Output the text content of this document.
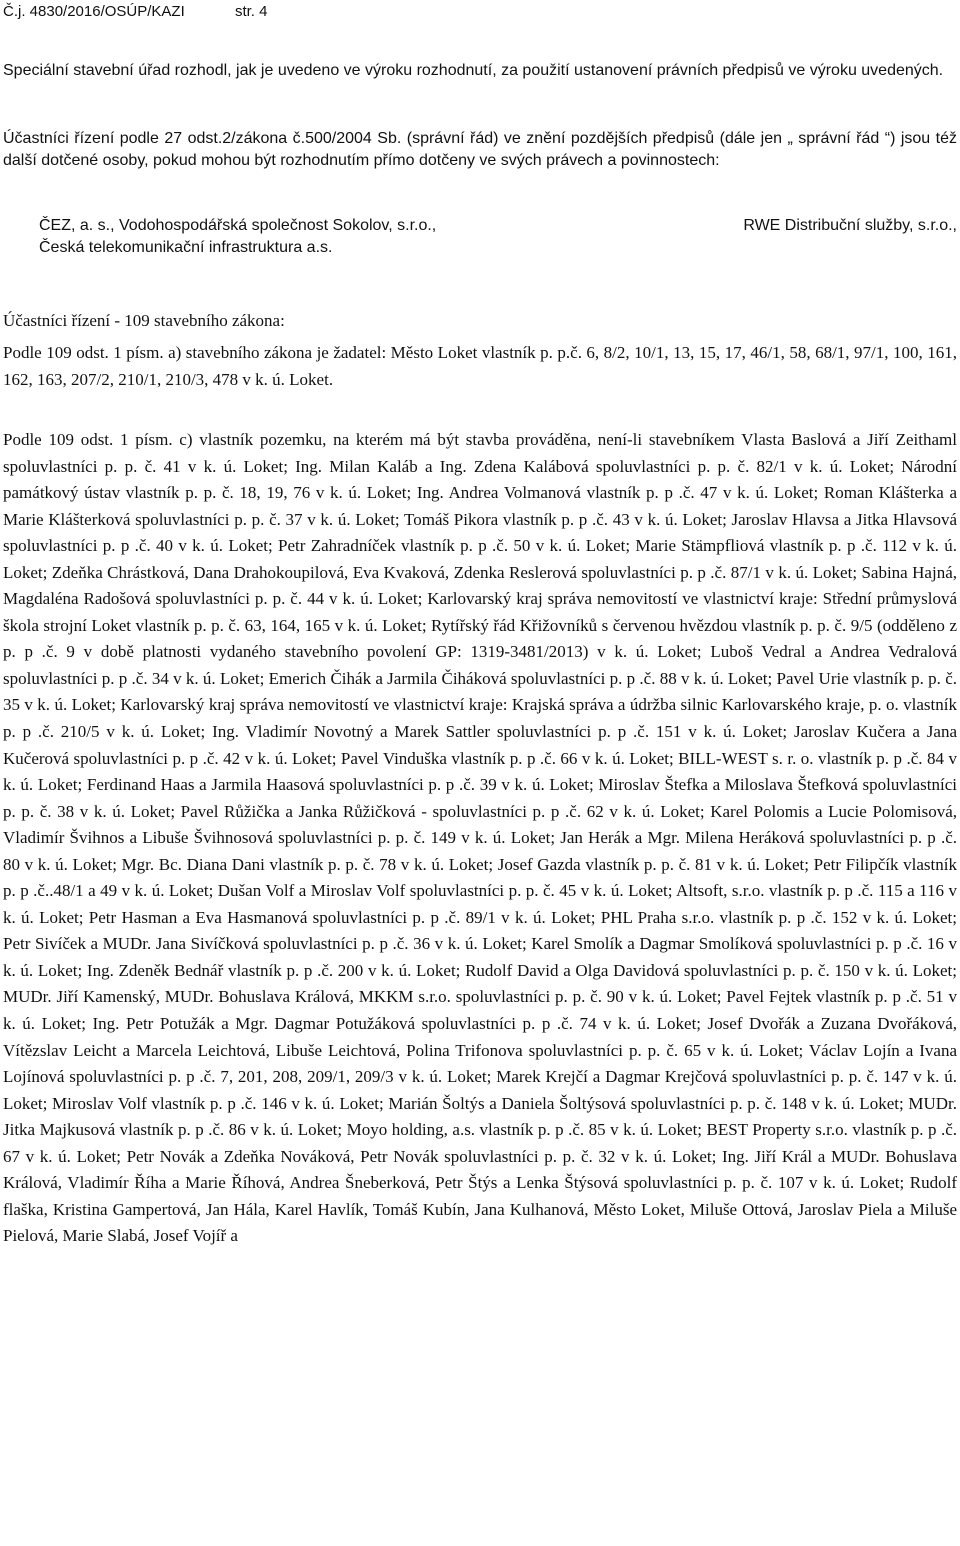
Č.j. 4830/2016/OSÚP/KAZI	str. 4

Speciální stavební úřad rozhodl, jak je uvedeno ve výroku rozhodnutí, za použití ustanovení právních předpisů ve výroku uvedených.

Účastníci řízení podle 27 odst.2/zákona č.500/2004 Sb. (správní řád) ve znění pozdějších předpisů (dále jen „ správní řád “) jsou též další dotčené osoby, pokud mohou být rozhodnutím přímo dotčeny ve svých právech a povinnostech:

ČEZ, a. s., Vodohospodářská společnost Sokolov, s.r.o.,	RWE Distribuční služby, s.r.o.,
Česká telekomunikační infrastruktura a.s.

Účastníci řízení - 109 stavebního zákona:

Podle 109 odst. 1 písm. a) stavebního zákona je žadatel: Město Loket vlastník p. p.č. 6, 8/2, 10/1, 13, 15, 17, 46/1, 58, 68/1, 97/1, 100, 161, 162, 163, 207/2, 210/1, 210/3, 478 v k. ú. Loket.

Podle 109 odst. 1 písm. c) vlastník pozemku, na kterém má být stavba prováděna, není-li stavebníkem Vlasta Baslová a Jiří Zeithaml spoluvlastníci p. p. č. 41 v k. ú. Loket; Ing. Milan Kaláb a Ing. Zdena Kalábová spoluvlastníci p. p. č. 82/1 v k. ú. Loket; Národní památkový ústav vlastník p. p. č. 18, 19, 76 v k. ú. Loket; Ing. Andrea Volmanová vlastník p. p .č. 47 v k. ú. Loket; Roman Klášterka a Marie Klášterková spoluvlastníci p. p. č. 37 v k. ú. Loket; Tomáš Pikora vlastník p. p .č. 43 v k. ú. Loket; Jaroslav Hlavsa a Jitka Hlavsová spoluvlastníci p. p .č. 40 v k. ú. Loket; Petr Zahradníček vlastník p. p .č. 50 v k. ú. Loket; Marie Stämpfliová vlastník p. p .č. 112 v k. ú. Loket; Zdeňka Chrástková, Dana Drahokoupilová, Eva Kvaková, Zdenka Reslerová spoluvlastníci p. p .č. 87/1 v k. ú. Loket; Sabina Hajná, Magdaléna Radošová spoluvlastníci p. p. č. 44 v k. ú. Loket; Karlovarský kraj správa nemovitostí ve vlastnictví kraje: Střední průmyslová škola strojní Loket vlastník p. p. č. 63, 164, 165 v k. ú. Loket; Rytířský řád Křižovníků s červenou hvězdou vlastník p. p. č. 9/5 (odděleno z p. p .č. 9 v době platnosti vydaného stavebního povolení GP: 1319-3481/2013) v k. ú. Loket; Luboš Vedral a Andrea Vedralová spoluvlastníci p. p .č. 34 v k. ú. Loket; Emerich Čihák a Jarmila Čiháková spoluvlastníci p. p .č. 88 v k. ú. Loket; Pavel Urie vlastník p. p. č. 35 v k. ú. Loket; Karlovarský kraj správa nemovitostí ve vlastnictví kraje: Krajská správa a údržba silnic Karlovarského kraje, p. o. vlastník p. p .č. 210/5 v k. ú. Loket; Ing. Vladimír Novotný a Marek Sattler spoluvlastníci p. p .č. 151 v k. ú. Loket; Jaroslav Kučera a Jana Kučerová spoluvlastníci p. p .č. 42 v k. ú. Loket; Pavel Vinduška vlastník p. p .č. 66 v k. ú. Loket; BILL-WEST s. r. o. vlastník p. p .č. 84 v k. ú. Loket; Ferdinand Haas a Jarmila Haasová spoluvlastníci p. p .č. 39 v k. ú. Loket; Miroslav Štefka a Miloslava Štefková spoluvlastníci p. p. č. 38 v k. ú. Loket; Pavel Růžička a Janka Růžičková - spoluvlastníci p. p .č. 62 v k. ú. Loket; Karel Polomis a Lucie Polomisová, Vladimír Švihnos a Libuše Švihnosová spoluvlastníci p. p. č. 149 v k. ú. Loket; Jan Herák a Mgr. Milena Heráková spoluvlastníci p. p .č. 80 v k. ú. Loket; Mgr. Bc. Diana Dani vlastník p. p. č. 78 v k. ú. Loket; Josef Gazda vlastník p. p. č. 81 v k. ú. Loket; Petr Filipčík vlastník p. p .č..48/1 a 49 v k. ú. Loket; Dušan Volf a Miroslav Volf spoluvlastníci p. p. č. 45 v k. ú. Loket; Altsoft, s.r.o. vlastník p. p .č. 115 a 116 v k. ú. Loket; Petr Hasman a Eva Hasmanová spoluvlastníci p. p .č. 89/1 v k. ú. Loket; PHL Praha s.r.o. vlastník p. p .č. 152 v k. ú. Loket; Petr Sivíček a MUDr. Jana Sivíčková spoluvlastníci p. p .č. 36 v k. ú. Loket; Karel Smolík a Dagmar Smolíková spoluvlastníci p. p .č. 16 v k. ú. Loket; Ing. Zdeněk Bednář vlastník p. p .č. 200 v k. ú. Loket; Rudolf David a Olga Davidová spoluvlastníci p. p. č. 150 v k. ú. Loket; MUDr. Jiří Kamenský, MUDr. Bohuslava Králová, MKKM s.r.o. spoluvlastníci p. p. č. 90 v k. ú. Loket; Pavel Fejtek vlastník p. p .č. 51 v k. ú. Loket; Ing. Petr Potužák a Mgr. Dagmar Potužáková spoluvlastníci p. p .č. 74 v k. ú. Loket; Josef Dvořák a Zuzana Dvořáková, Vítězslav Leicht a Marcela Leichtová, Libuše Leichtová, Polina Trifonova spoluvlastníci p. p. č. 65 v k. ú. Loket; Václav Lojín a Ivana Lojínová spoluvlastníci p. p .č. 7, 201, 208, 209/1, 209/3 v k. ú. Loket; Marek Krejčí a Dagmar Krejčová spoluvlastníci p. p. č. 147 v k. ú. Loket; Miroslav Volf vlastník p. p .č. 146 v k. ú. Loket; Marián Šoltýs a Daniela Šoltýsová spoluvlastníci p. p. č. 148 v k. ú. Loket; MUDr. Jitka Majkusová vlastník p. p .č. 86 v k. ú. Loket; Moyo holding, a.s. vlastník p. p .č. 85 v k. ú. Loket; BEST Property s.r.o. vlastník p. p .č. 67 v k. ú. Loket; Petr Novák a Zdeňka Nováková, Petr Novák spoluvlastníci p. p. č. 32 v k. ú. Loket; Ing. Jiří Král a MUDr. Bohuslava Králová, Vladimír Říha a Marie Říhová, Andrea Šneberková, Petr Štýs a Lenka Štýsová spoluvlastníci p. p. č. 107 v k. ú. Loket; Rudolf flaška, Kristina Gampertová, Jan Hála, Karel Havlík, Tomáš Kubín, Jana Kulhanová, Město Loket, Miluše Ottová, Jaroslav Piela a Miluše Pielová, Marie Slabá, Josef Vojíř a
